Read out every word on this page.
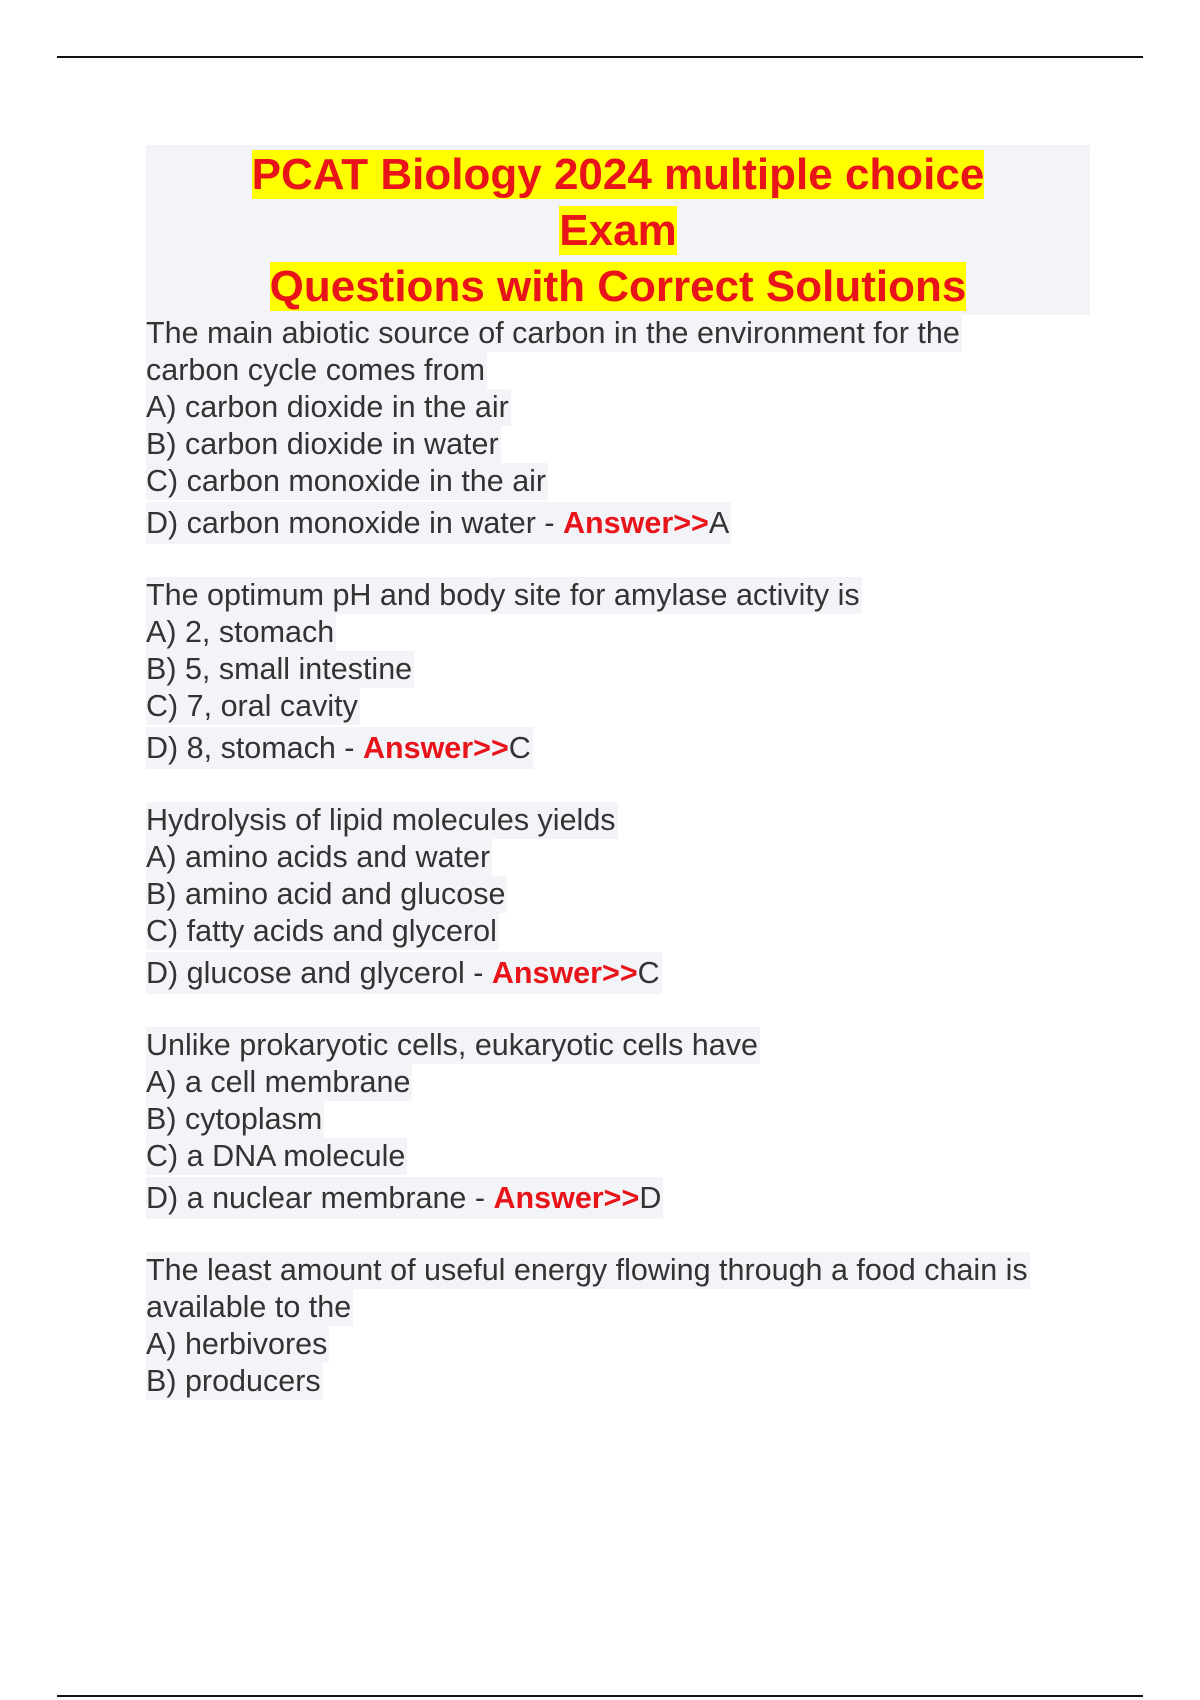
PCAT Biology 2024 multiple choice
Exam
Questions with Correct Solutions
The main abiotic source of carbon in the environment for the
carbon cycle comes from
A) carbon dioxide in the air
B) carbon dioxide in water
C) carbon monoxide in the air
D) carbon monoxide in water - Answer>>A
The optimum pH and body site for amylase activity is
A) 2, stomach
B) 5, small intestine
C) 7, oral cavity
D) 8, stomach - Answer>>C
Hydrolysis of lipid molecules yields
A) amino acids and water
B) amino acid and glucose
C) fatty acids and glycerol
D) glucose and glycerol - Answer>>C
Unlike prokaryotic cells, eukaryotic cells have
A) a cell membrane
B) cytoplasm
C) a DNA molecule
D) a nuclear membrane - Answer>>D
The least amount of useful energy flowing through a food chain is
available to the
A) herbivores
B) producers
